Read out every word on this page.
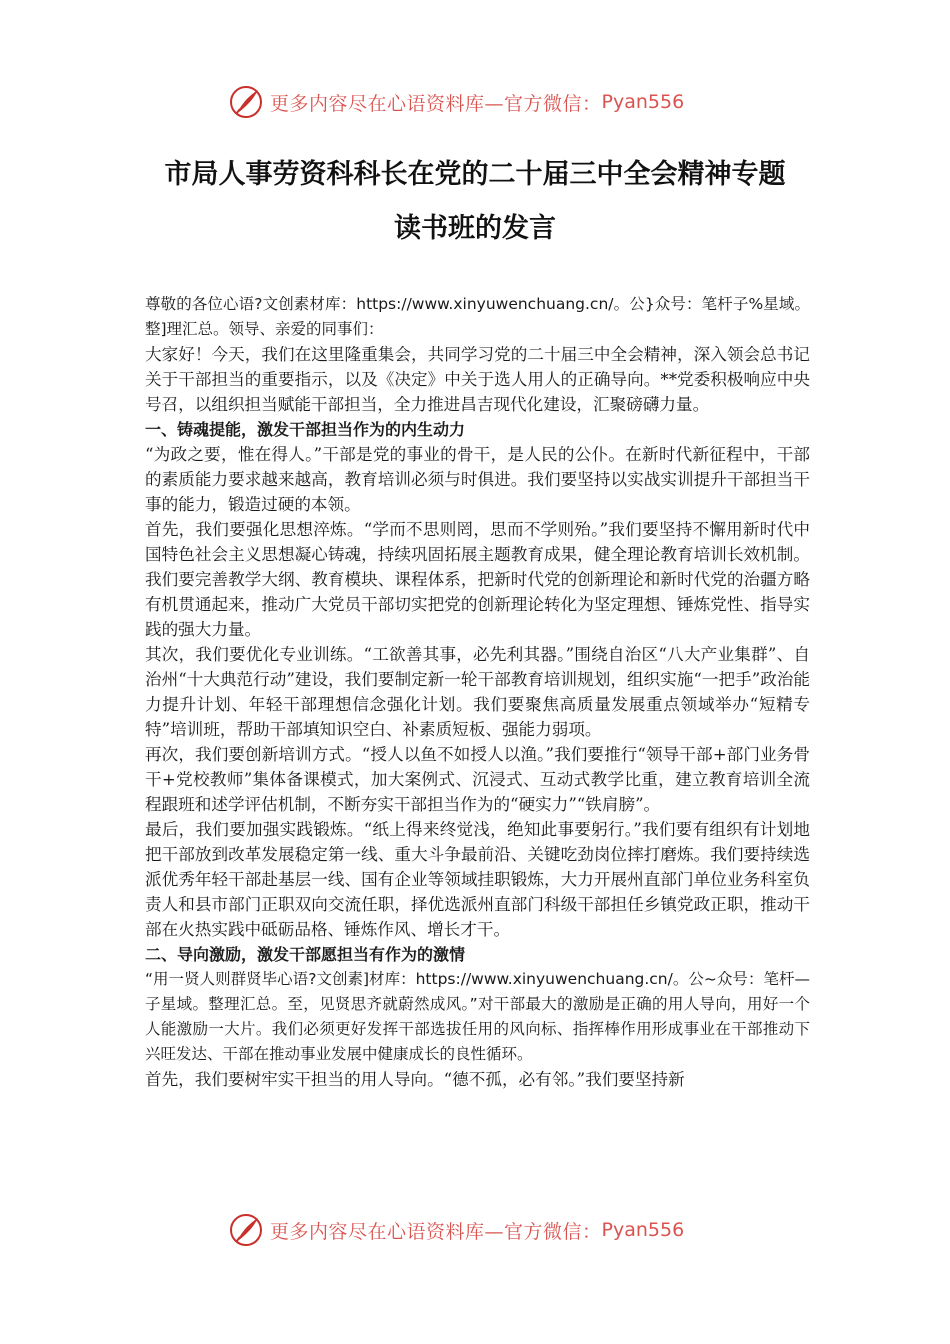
更多内容尽在心语资料库—官方微信： Pyan556
市局人事劳资科科长在党的二十届三中全会精神专题
读书班的发言

尊敬的各位心语?文创素材库：https://www.xinyuwenchuang.cn/。公}众号：笔杆子%星域。整]理汇总。领导、亲爱的同事们：

大家好！今天，我们在这里隆重集会，共同学习党的二十届三中全会精神，深入领会总书记关于干部担当的重要指示，以及《决定》中关于选人用人的正确导向。**党委积极响应中央号召，以组织担当赋能干部担当，全力推进昌吉现代化建设，汇聚磅礴力量。

一、铸魂提能，激发干部担当作为的内生动力

“为政之要，惟在得人。”干部是党的事业的骨干，是人民的公仆。在新时代新征程中，干部的素质能力要求越来越高，教育培训必须与时俱进。我们要坚持以实战实训提升干部担当干事的能力，锻造过硬的本领。

首先，我们要强化思想淬炼。“学而不思则罔，思而不学则殆。”我们要坚持不懈用新时代中国特色社会主义思想凝心铸魂，持续巩固拓展主题教育成果，健全理论教育培训长效机制。我们要完善教学大纲、教育模块、课程体系，把新时代党的创新理论和新时代党的治疆方略有机贯通起来，推动广大党员干部切实把党的创新理论转化为坚定理想、锤炼党性、指导实践的强大力量。

其次，我们要优化专业训练。“工欲善其事，必先利其器。”围绕自治区“八大产业集群”、自治州“十大典范行动”建设，我们要制定新一轮干部教育培训规划，组织实施“一把手”政治能力提升计划、年轻干部理想信念强化计划。我们要聚焦高质量发展重点领域举办“短精专特”培训班，帮助干部填知识空白、补素质短板、强能力弱项。

再次，我们要创新培训方式。“授人以鱼不如授人以渔。”我们要推行“领导干部+部门业务骨干+党校教师”集体备课模式，加大案例式、沉浸式、互动式教学比重，建立教育培训全流程跟班和述学评估机制，不断夯实干部担当作为的“硬实力”“铁肩膀”。

最后，我们要加强实践锻炼。“纸上得来终觉浅，绝知此事要躬行。”我们要有组织有计划地把干部放到改革发展稳定第一线、重大斗争最前沿、关键吃劲岗位摔打磨炼。我们要持续选派优秀年轻干部赴基层一线、国有企业等领域挂职锻炼，大力开展州直部门单位业务科室负责人和县市部门正职双向交流任职，择优选派州直部门科级干部担任乡镇党政正职，推动干部在火热实践中砥砺品格、锤炼作风、增长才干。

二、导向激励，激发干部愿担当有作为的激情

“用一贤人则群贤毕心语?文创素]材库：https://www.xinyuwenchuang.cn/。公~众号：笔杆—子星域。整理汇总。至，见贤思齐就蔚然成风。”对干部最大的激励是正确的用人导向，用好一个人能激励一大片。我们必须更好发挥干部选拔任用的风向标、指挥棒作用形成事业在干部推动下兴旺发达、干部在推动事业发展中健康成长的良性循环。

首先，我们要树牢实干担当的用人导向。“德不孤，必有邻。”我们要坚持新

更多内容尽在心语资料库—官方微信： Pyan556
